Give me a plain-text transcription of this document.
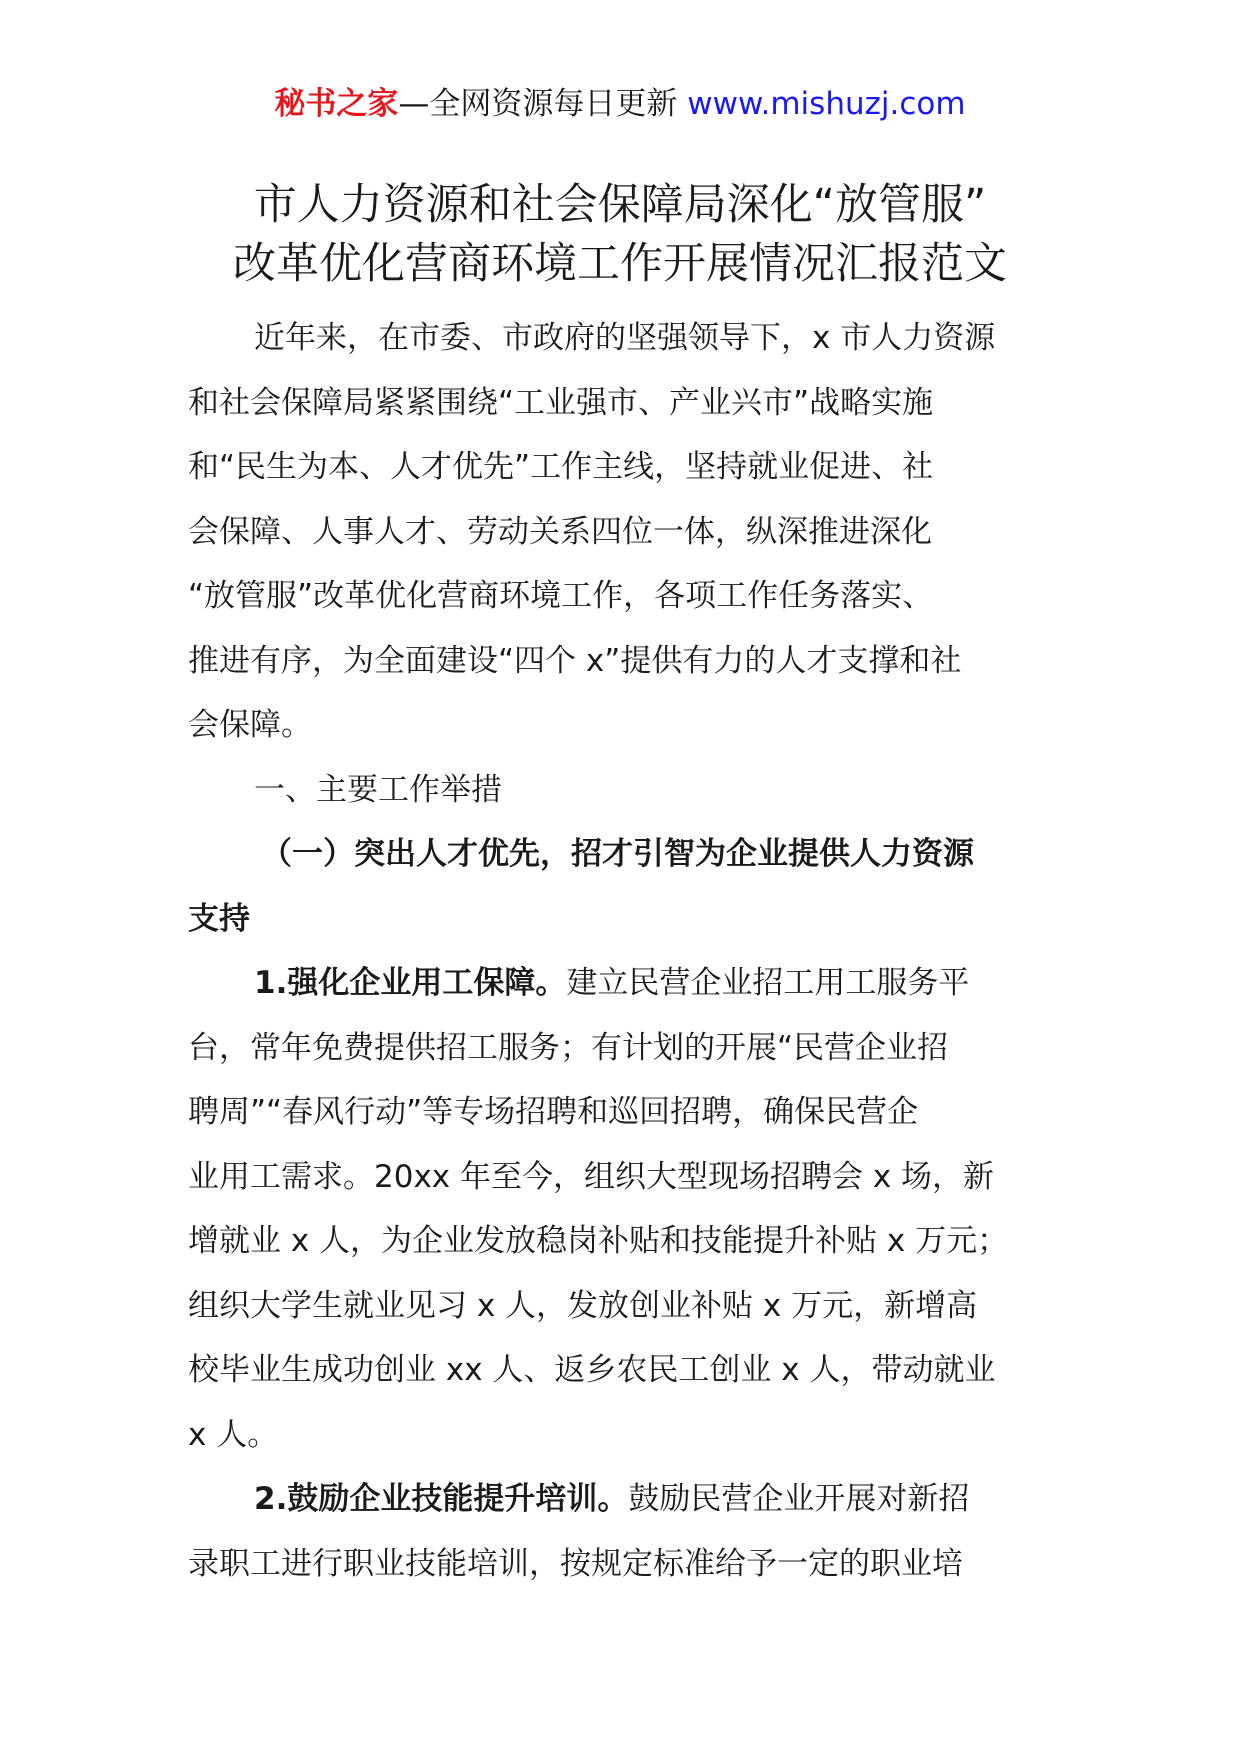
秘书之家—全网资源每日更新 www.mishuzj.com
市人力资源和社会保障局深化“放管服”
改革优化营商环境工作开展情况汇报范文
近年来，在市委、市政府的坚强领导下，x 市人力资源
和社会保障局紧紧围绕“工业强市、产业兴市”战略实施
和“民生为本、人才优先”工作主线，坚持就业促进、社
会保障、人事人才、劳动关系四位一体，纵深推进深化
“放管服”改革优化营商环境工作，各项工作任务落实、
推进有序，为全面建设“四个 x”提供有力的人才支撑和社
会保障。
一、主要工作举措
（一）突出人才优先，招才引智为企业提供人力资源
支持
1.强化企业用工保障。建立民营企业招工用工服务平
台，常年免费提供招工服务；有计划的开展“民营企业招
聘周”“春风行动”等专场招聘和巡回招聘，确保民营企
业用工需求。20xx 年至今，组织大型现场招聘会 x 场，新
增就业 x 人，为企业发放稳岗补贴和技能提升补贴 x 万元；
组织大学生就业见习 x 人，发放创业补贴 x 万元，新增高
校毕业生成功创业 xx 人、返乡农民工创业 x 人，带动就业
x 人。
2.鼓励企业技能提升培训。鼓励民营企业开展对新招
录职工进行职业技能培训，按规定标准给予一定的职业培
